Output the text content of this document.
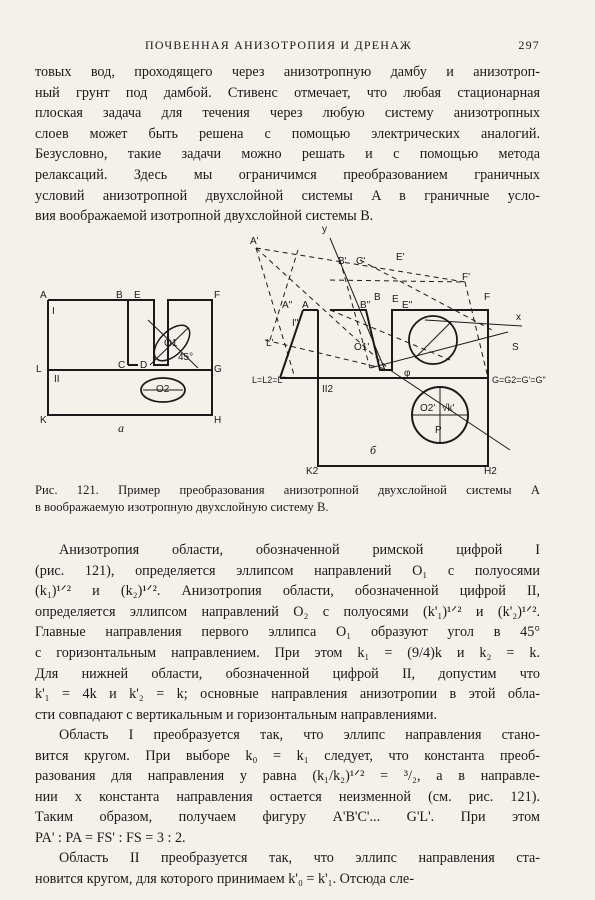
ПОЧВЕННАЯ АНИЗОТРОПИЯ И ДРЕНАЖ	297
товых вод, проходящего через анизотропную дамбу и анизотроп-
ный грунт под дамбой. Стивенс отмечает, что любая стационарная
плоская задача для течения через любую систему анизотропных
слоев может быть решена с помощью электрических аналогий.
Безусловно, такие задачи можно решать и с помощью метода
релаксаций. Здесь мы ограничимся преобразованием граничных
условий анизотропной двухслойной системы A в граничные усло-
вия воображаемой изотропной двухслойной системы B.
A	B E	F
I
C D
L
II
G
K	H
O1
O2
45°
а
A'
y
B' C'	E'
F'
A" A	B"
B E
E"
F
I"
L'	O1'
x
S
P
L=L2=L"
II2
G=G2=G'=G"
O2' √k'
φ
K2	H2
б
Рис. 121. Пример преобразования анизотропной двухслойной системы A
в воображаемую изотропную двухслойную систему B.
Анизотропия области, обозначенной римской цифрой I
(рис. 121), определяется эллипсом направлений O₁ с полуосями
(k₁)¹ᐟ² и (k₂)¹ᐟ². Анизотропия области, обозначенной цифрой II,
определяется эллипсом направлений O₂ с полуосями (k'₁)¹ᐟ² и (k'₂)¹ᐟ².
Главные направления первого эллипса O₁ образуют угол в 45°
с горизонтальным направлением. При этом k₁ = (9/4)k и k₂ = k.
Для нижней области, обозначенной цифрой II, допустим что
k'₁ = 4k и k'₂ = k; основные направления анизотропии в этой обла-
сти совпадают с вертикальным и горизонтальным направлениями.
Область I преобразуется так, что эллипс направления стано-
вится кругом. При выборе k₀ = k₁ следует, что константа преоб-
разования для направления y равна (k₁/k₂)¹ᐟ² = ³/₂, а в направле-
нии x константа направления остается неизменной (см. рис. 121).
Таким образом, получаем фигуру A'B'C'... G'L'. При этом
PA' : PA = FS' : FS = 3 : 2.
Область II преобразуется так, что эллипс направления ста-
новится кругом, для которого принимаем k'₀ = k'₁. Отсюда сле-
